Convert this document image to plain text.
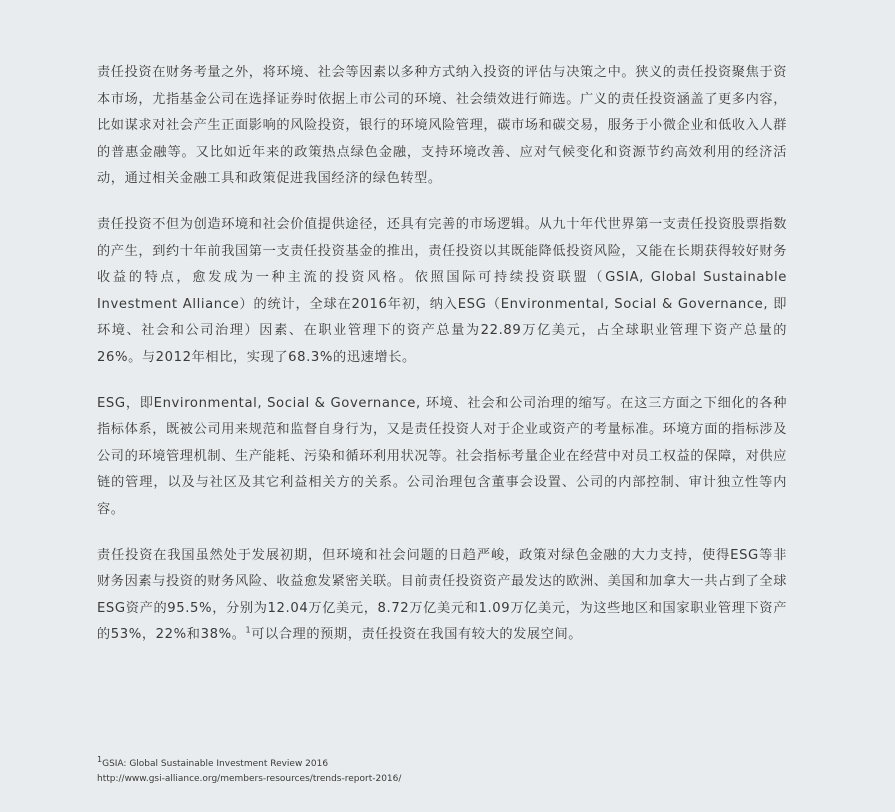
责任投资在财务考量之外，将环境、社会等因素以多种方式纳入投资的评估与决策之中。狭义的责任投资聚焦于资本市场，尤指基金公司在选择证券时依据上市公司的环境、社会绩效进行筛选。广义的责任投资涵盖了更多内容，比如谋求对社会产生正面影响的风险投资，银行的环境风险管理，碳市场和碳交易，服务于小微企业和低收入人群的普惠金融等。又比如近年来的政策热点绿色金融，支持环境改善、应对气候变化和资源节约高效利用的经济活动，通过相关金融工具和政策促进我国经济的绿色转型。

责任投资不但为创造环境和社会价值提供途径，还具有完善的市场逻辑。从九十年代世界第一支责任投资股票指数的产生，到约十年前我国第一支责任投资基金的推出，责任投资以其既能降低投资风险，又能在长期获得较好财务收益的特点，愈发成为一种主流的投资风格。依照国际可持续投资联盟（GSIA, Global Sustainable Investment Alliance）的统计，全球在2016年初，纳入ESG（Environmental, Social & Governance, 即环境、社会和公司治理）因素、在职业管理下的资产总量为22.89万亿美元，占全球职业管理下资产总量的26%。与2012年相比，实现了68.3%的迅速增长。

ESG，即Environmental, Social & Governance, 环境、社会和公司治理的缩写。在这三方面之下细化的各种指标体系，既被公司用来规范和监督自身行为，又是责任投资人对于企业或资产的考量标准。环境方面的指标涉及公司的环境管理机制、生产能耗、污染和循环利用状况等。社会指标考量企业在经营中对员工权益的保障，对供应链的管理，以及与社区及其它利益相关方的关系。公司治理包含董事会设置、公司的内部控制、审计独立性等内容。

责任投资在我国虽然处于发展初期，但环境和社会问题的日趋严峻，政策对绿色金融的大力支持，使得ESG等非财务因素与投资的财务风险、收益愈发紧密关联。目前责任投资资产最发达的欧洲、美国和加拿大一共占到了全球ESG资产的95.5%，分别为12.04万亿美元，8.72万亿美元和1.09万亿美元，为这些地区和国家职业管理下资产的53%，22%和38%。$^1$可以合理的预期，责任投资在我国有较大的发展空间。

$^1$GSIA: Global Sustainable Investment Review 2016
http://www.gsi-alliance.org/members-resources/trends-report-2016/
